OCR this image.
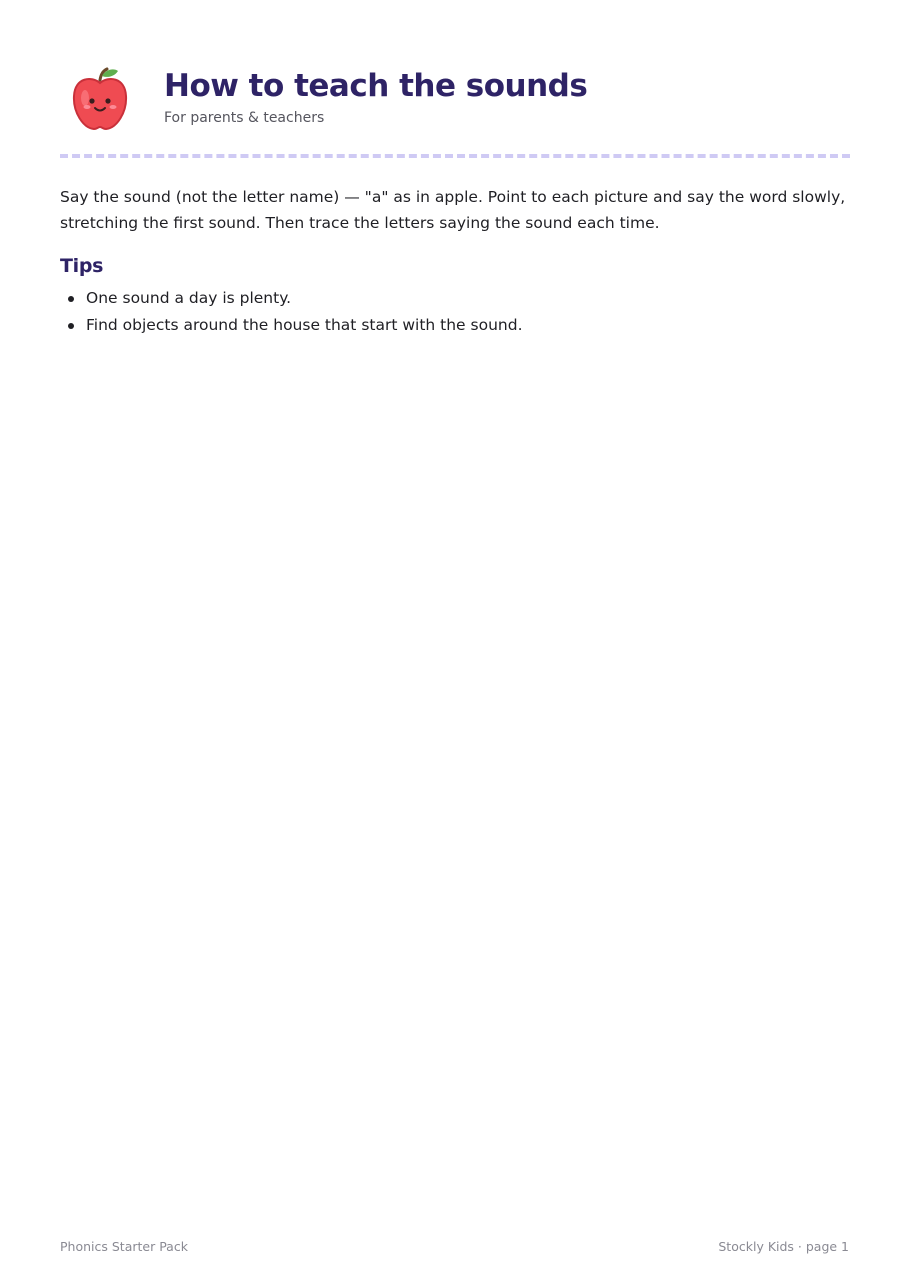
How to teach the sounds

For parents & teachers

Say the sound (not the letter name) — "a" as in apple. Point to each picture and say the word slowly, stretching the first sound. Then trace the letters saying the sound each time.

Tips
One sound a day is plenty.
Find objects around the house that start with the sound.
Phonics Starter Pack	Stockly Kids · page 1
